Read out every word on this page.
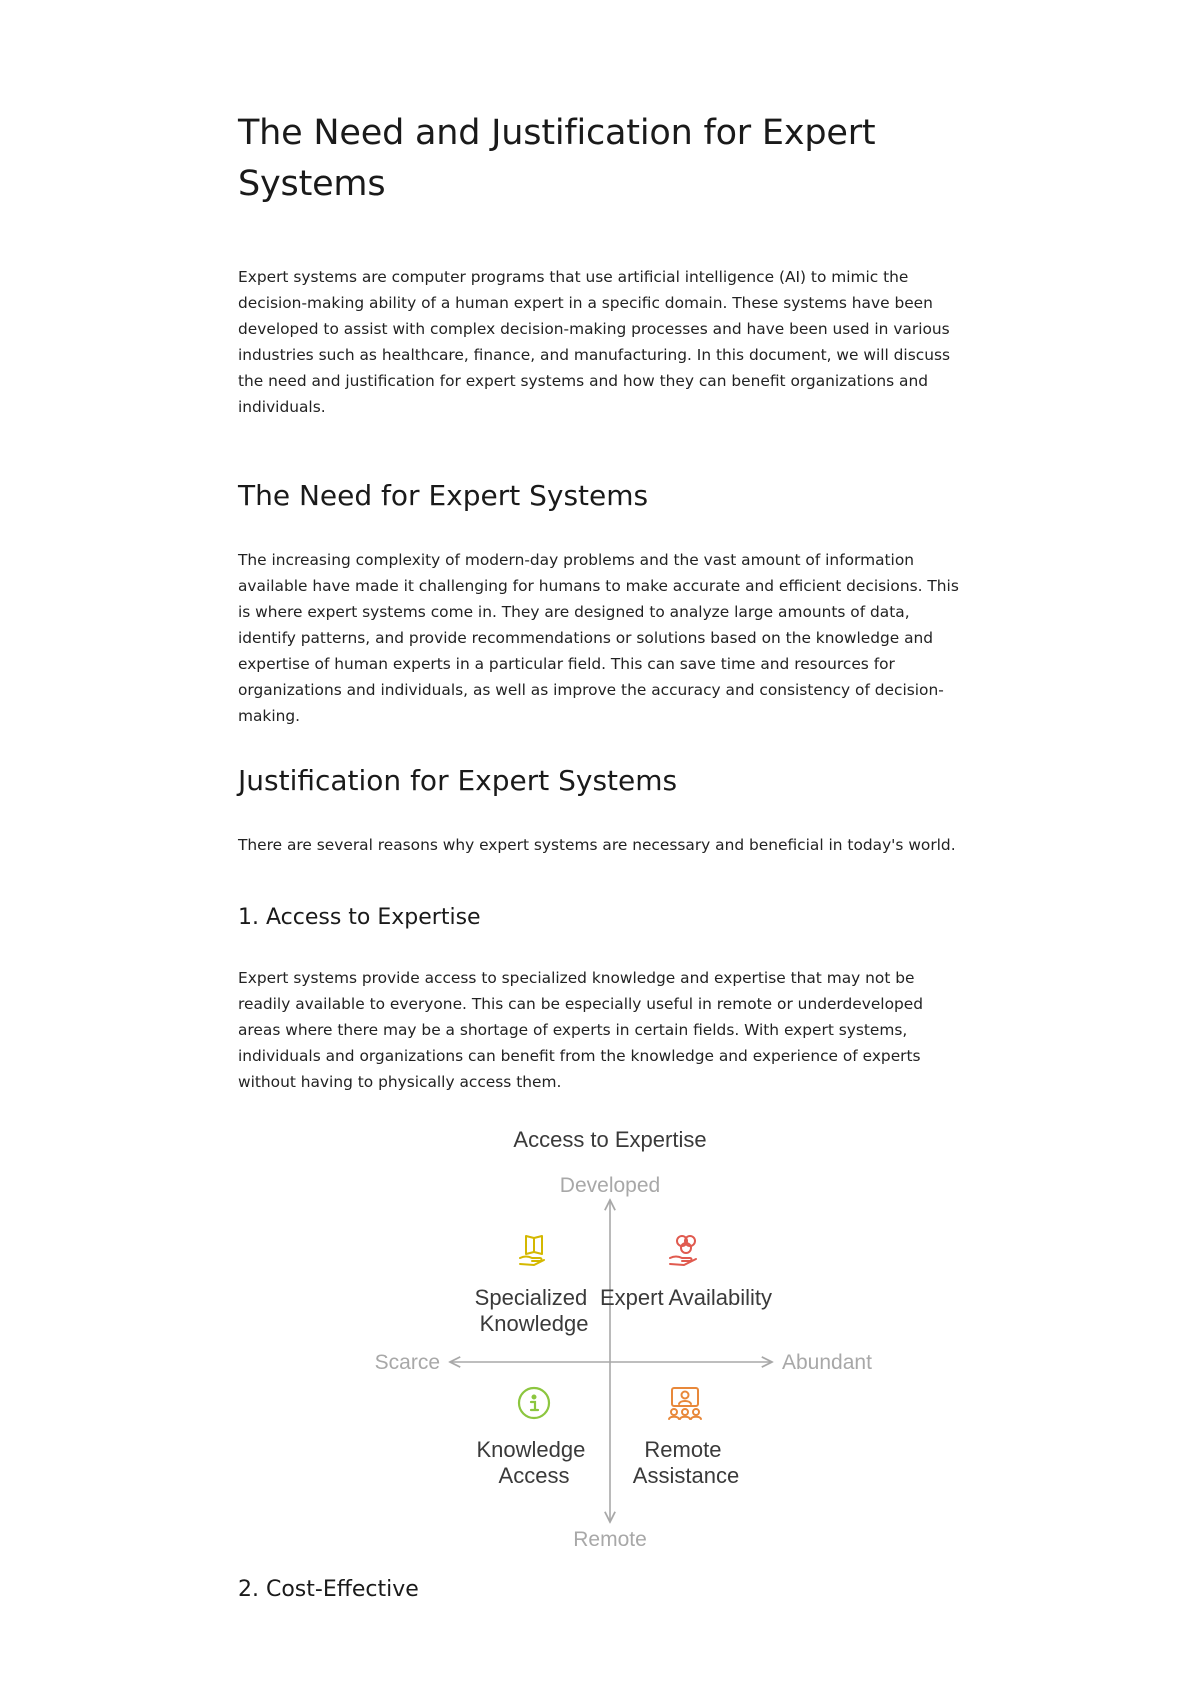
The Need and Justification for Expert Systems

Expert systems are computer programs that use artificial intelligence (AI) to mimic the decision-making ability of a human expert in a specific domain. These systems have been developed to assist with complex decision-making processes and have been used in various industries such as healthcare, finance, and manufacturing. In this document, we will discuss the need and justification for expert systems and how they can benefit organizations and individuals.

The Need for Expert Systems

The increasing complexity of modern-day problems and the vast amount of information available have made it challenging for humans to make accurate and efficient decisions. This is where expert systems come in. They are designed to analyze large amounts of data, identify patterns, and provide recommendations or solutions based on the knowledge and expertise of human experts in a particular field. This can save time and resources for organizations and individuals, as well as improve the accuracy and consistency of decision-making.

Justification for Expert Systems

There are several reasons why expert systems are necessary and beneficial in today's world.

1. Access to Expertise

Expert systems provide access to specialized knowledge and expertise that may not be readily available to everyone. This can be especially useful in remote or underdeveloped areas where there may be a shortage of experts in certain fields. With expert systems, individuals and organizations can benefit from the knowledge and experience of experts without having to physically access them.

2. Cost-Effective
Access to Expertise
Developed
Remote
Scarce	Abundant
Specialized Knowledge
Expert Availability
Knowledge Access
Remote Assistance
